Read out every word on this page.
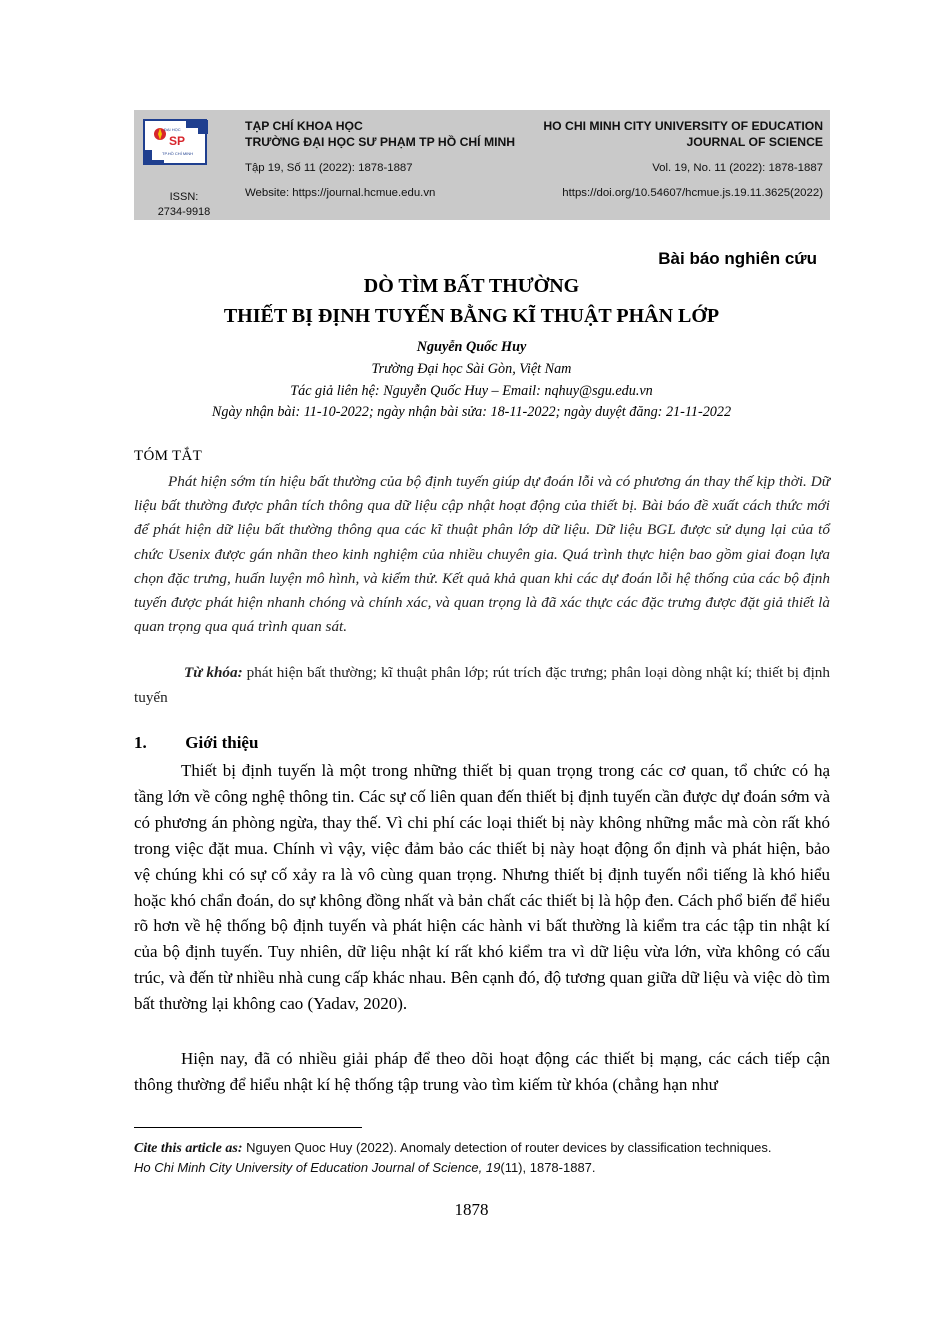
ĐẠI HỌC
SP
TP.HỒ CHÍ MINH
ISSN:
2734-9918
TẠP CHÍ KHOA HỌC
TRƯỜNG ĐẠI HỌC SƯ PHẠM TP HỒ CHÍ MINH
Tập 19, Số 11 (2022): 1878-1887
Website: https://journal.hcmue.edu.vn
HO CHI MINH CITY UNIVERSITY OF EDUCATION
JOURNAL OF SCIENCE
Vol. 19, No. 11 (2022): 1878-1887
https://doi.org/10.54607/hcmue.js.19.11.3625(2022)
Bài báo nghiên cứu
DÒ TÌM BẤT THƯỜNG
THIẾT BỊ ĐỊNH TUYẾN BẰNG KĨ THUẬT PHÂN LỚP
Nguyễn Quốc Huy
Trường Đại học Sài Gòn, Việt Nam
Tác giả liên hệ: Nguyễn Quốc Huy – Email: nqhuy@sgu.edu.vn
Ngày nhận bài: 11-10-2022; ngày nhận bài sửa: 18-11-2022; ngày duyệt đăng: 21-11-2022
TÓM TẮT
Phát hiện sớm tín hiệu bất thường của bộ định tuyến giúp dự đoán lỗi và có phương án thay thế kịp thời. Dữ liệu bất thường được phân tích thông qua dữ liệu cập nhật hoạt động của thiết bị. Bài báo đề xuất cách thức mới để phát hiện dữ liệu bất thường thông qua các kĩ thuật phân lớp dữ liệu. Dữ liệu BGL được sử dụng lại của tổ chức Usenix được gán nhãn theo kinh nghiệm của nhiều chuyên gia. Quá trình thực hiện bao gồm giai đoạn lựa chọn đặc trưng, huấn luyện mô hình, và kiểm thử. Kết quả khả quan khi các dự đoán lỗi hệ thống của các bộ định tuyến được phát hiện nhanh chóng và chính xác, và quan trọng là đã xác thực các đặc trưng được đặt giả thiết là quan trọng qua quá trình quan sát.
Từ khóa: phát hiện bất thường; kĩ thuật phân lớp; rút trích đặc trưng; phân loại dòng nhật kí; thiết bị định tuyến
1. Giới thiệu
Thiết bị định tuyến là một trong những thiết bị quan trọng trong các cơ quan, tổ chức có hạ tầng lớn về công nghệ thông tin. Các sự cố liên quan đến thiết bị định tuyến cần được dự đoán sớm và có phương án phòng ngừa, thay thế. Vì chi phí các loại thiết bị này không những mắc mà còn rất khó trong việc đặt mua. Chính vì vậy, việc đảm bảo các thiết bị này hoạt động ổn định và phát hiện, bảo vệ chúng khi có sự cố xảy ra là vô cùng quan trọng. Nhưng thiết bị định tuyến nổi tiếng là khó hiểu hoặc khó chẩn đoán, do sự không đồng nhất và bản chất các thiết bị là hộp đen. Cách phổ biến để hiểu rõ hơn về hệ thống bộ định tuyến và phát hiện các hành vi bất thường là kiểm tra các tập tin nhật kí của bộ định tuyến. Tuy nhiên, dữ liệu nhật kí rất khó kiểm tra vì dữ liệu vừa lớn, vừa không có cấu trúc, và đến từ nhiều nhà cung cấp khác nhau. Bên cạnh đó, độ tương quan giữa dữ liệu và việc dò tìm bất thường lại không cao (Yadav, 2020).
Hiện nay, đã có nhiều giải pháp để theo dõi hoạt động các thiết bị mạng, các cách tiếp cận thông thường để hiểu nhật kí hệ thống tập trung vào tìm kiếm từ khóa (chẳng hạn như
Cite this article as: Nguyen Quoc Huy (2022). Anomaly detection of router devices by classification techniques.
Ho Chi Minh City University of Education Journal of Science, 19(11), 1878-1887.
1878
